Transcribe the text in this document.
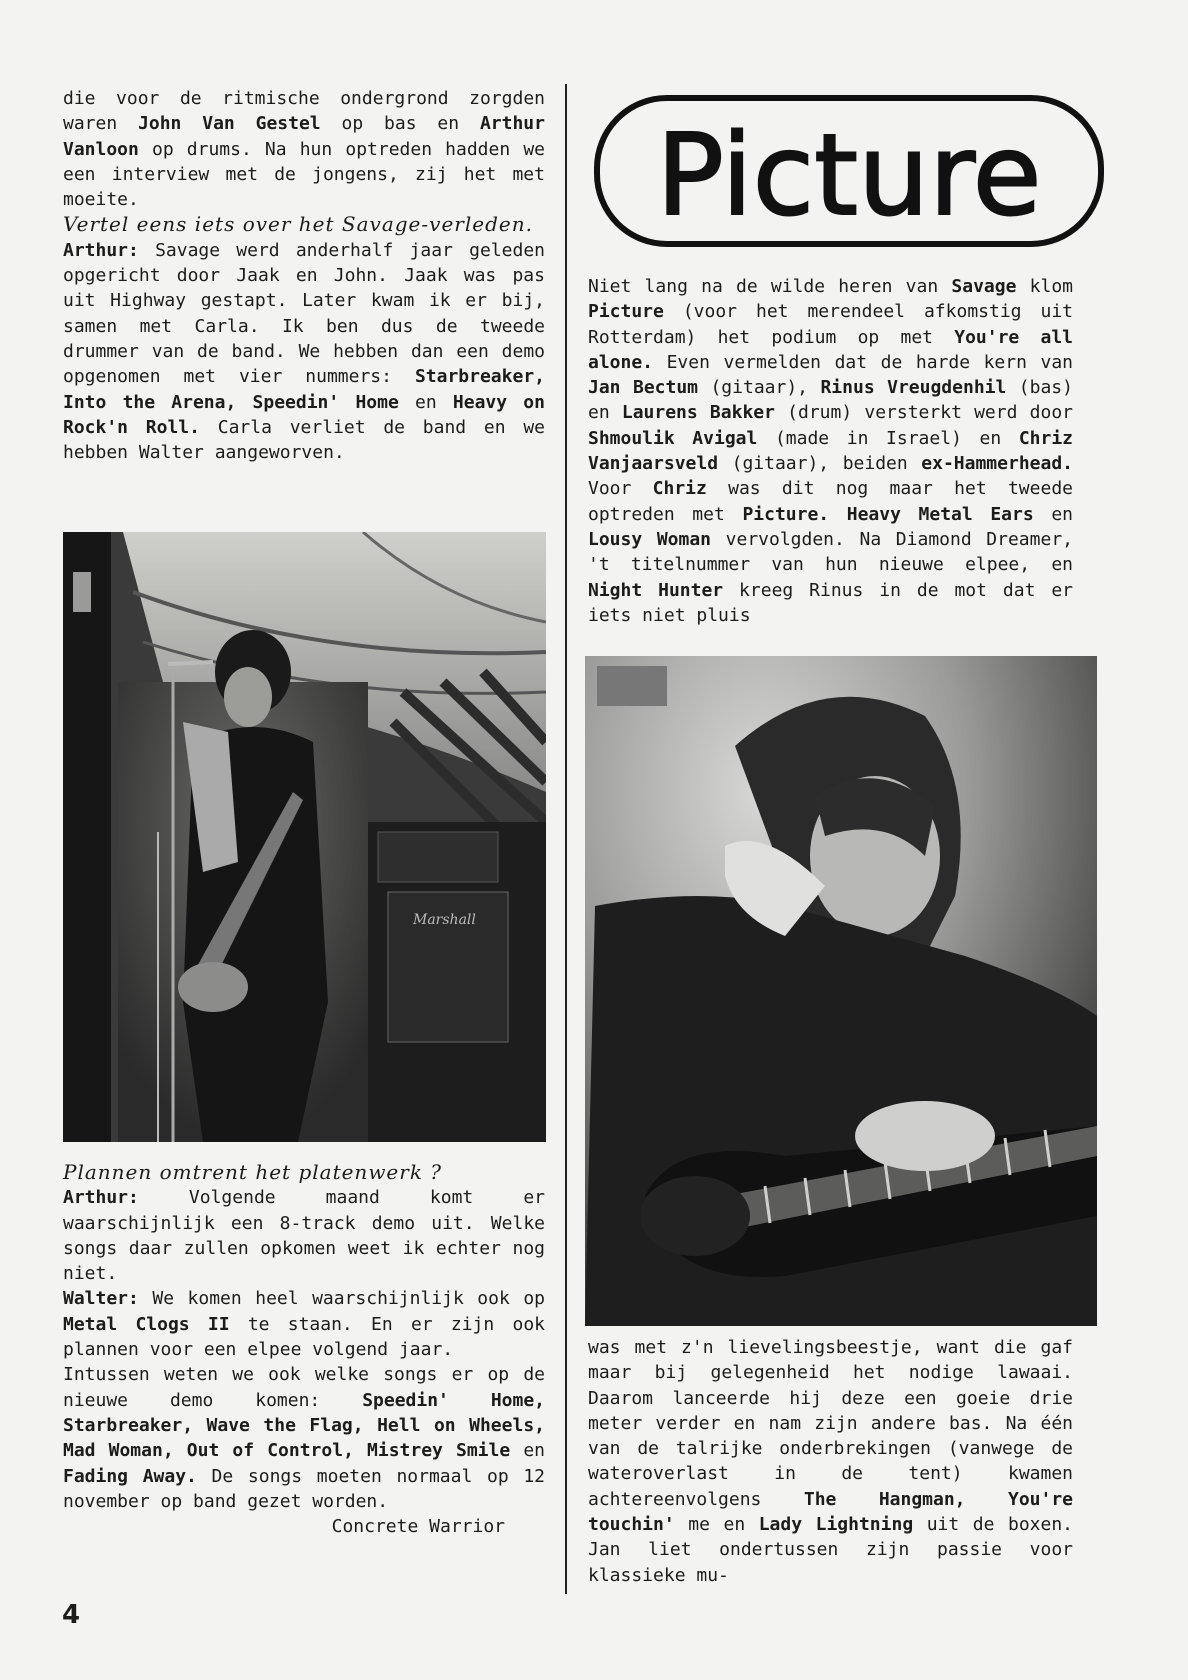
die voor de ritmische ondergrond zorgden waren John Van Gestel op bas en Arthur Vanloon op drums. Na hun optreden hadden we een interview met de jongens, zij het met moeite.

Vertel eens iets over het Savage-verleden.

Arthur: Savage werd anderhalf jaar geleden opgericht door Jaak en John. Jaak was pas uit Highway gestapt. Later kwam ik er bij, samen met Carla. Ik ben dus de tweede drummer van de band. We hebben dan een demo opgenomen met vier nummers: Starbreaker, Into the Arena, Speedin' Home en Heavy on Rock'n Roll. Carla verliet de band en we hebben Walter aangeworven.

Marshall

Plannen omtrent het platenwerk ?

Arthur: Volgende maand komt er waarschijnlijk een 8-track demo uit. Welke songs daar zullen opkomen weet ik echter nog niet.

Walter: We komen heel waarschijnlijk ook op Metal Clogs II te staan. En er zijn ook plannen voor een elpee volgend jaar.

Intussen weten we ook welke songs er op de nieuwe demo komen: Speedin' Home, Starbreaker, Wave the Flag, Hell on Wheels, Mad Woman, Out of Control, Mistrey Smile en Fading Away. De songs moeten normaal op 12 november op band gezet worden.

Concrete Warrior

Picture

Niet lang na de wilde heren van Savage klom Picture (voor het merendeel afkomstig uit Rotterdam) het podium op met You're all alone. Even vermelden dat de harde kern van Jan Bectum (gitaar), Rinus Vreugdenhil (bas) en Laurens Bakker (drum) versterkt werd door Shmoulik Avigal (made in Israel) en Chriz Vanjaarsveld (gitaar), beiden ex-Hammerhead. Voor Chriz was dit nog maar het tweede optreden met Picture. Heavy Metal Ears en Lousy Woman vervolgden. Na Diamond Dreamer, 't titelnummer van hun nieuwe elpee, en Night Hunter kreeg Rinus in de mot dat er iets niet pluis

was met z'n lievelingsbeestje, want die gaf maar bij gelegenheid het nodige lawaai. Daarom lanceerde hij deze een goeie drie meter verder en nam zijn andere bas. Na één van de talrijke onderbrekingen (vanwege de wateroverlast in de tent) kwamen achtereenvolgens The Hangman, You're touchin' me en Lady Lightning uit de boxen. Jan liet ondertussen zijn passie voor klassieke mu-

4
